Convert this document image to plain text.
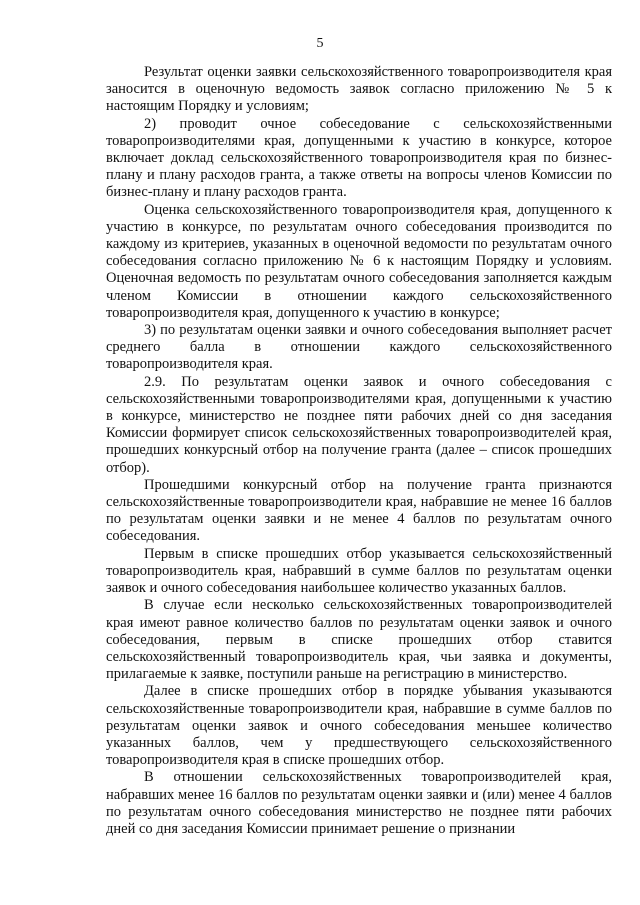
5

Результат оценки заявки сельскохозяйственного товаропроизводителя края заносится в оценочную ведомость заявок согласно приложению № 5 к настоящим Порядку и условиям;

2) проводит очное собеседование с сельскохозяйственными товаропроизводителями края, допущенными к участию в конкурсе, которое включает доклад сельскохозяйственного товаропроизводителя края по бизнес-плану и плану расходов гранта, а также ответы на вопросы членов Комиссии по бизнес-плану и плану расходов гранта.

Оценка сельскохозяйственного товаропроизводителя края, допущенного к участию в конкурсе, по результатам очного собеседования производится по каждому из критериев, указанных в оценочной ведомости по результатам очного собеседования согласно приложению № 6 к настоящим Порядку и условиям. Оценочная ведомость по результатам очного собеседования заполняется каждым членом Комиссии в отношении каждого сельскохозяйственного товаропроизводителя края, допущенного к участию в конкурсе;

3) по результатам оценки заявки и очного собеседования выполняет расчет среднего балла в отношении каждого сельскохозяйственного товаропроизводителя края.

2.9. По результатам оценки заявок и очного собеседования с сельскохозяйственными товаропроизводителями края, допущенными к участию в конкурсе, министерство не позднее пяти рабочих дней со дня заседания Комиссии формирует список сельскохозяйственных товаропроизводителей края, прошедших конкурсный отбор на получение гранта (далее – список прошедших отбор).

Прошедшими конкурсный отбор на получение гранта признаются сельскохозяйственные товаропроизводители края, набравшие не менее 16 баллов по результатам оценки заявки и не менее 4 баллов по результатам очного собеседования.

Первым в списке прошедших отбор указывается сельскохозяйственный товаропроизводитель края, набравший в сумме баллов по результатам оценки заявок и очного собеседования наибольшее количество указанных баллов.

В случае если несколько сельскохозяйственных товаропроизводителей края имеют равное количество баллов по результатам оценки заявок и очного собеседования, первым в списке прошедших отбор ставится сельскохозяйственный товаропроизводитель края, чьи заявка и документы, прилагаемые к заявке, поступили раньше на регистрацию в министерство.

Далее в списке прошедших отбор в порядке убывания указываются сельскохозяйственные товаропроизводители края, набравшие в сумме баллов по результатам оценки заявок и очного собеседования меньшее количество указанных баллов, чем у предшествующего сельскохозяйственного товаропроизводителя края в списке прошедших отбор.

В отношении сельскохозяйственных товаропроизводителей края, набравших менее 16 баллов по результатам оценки заявки и (или) менее 4 баллов по результатам очного собеседования министерство не позднее пяти рабочих дней со дня заседания Комиссии принимает решение о признании
